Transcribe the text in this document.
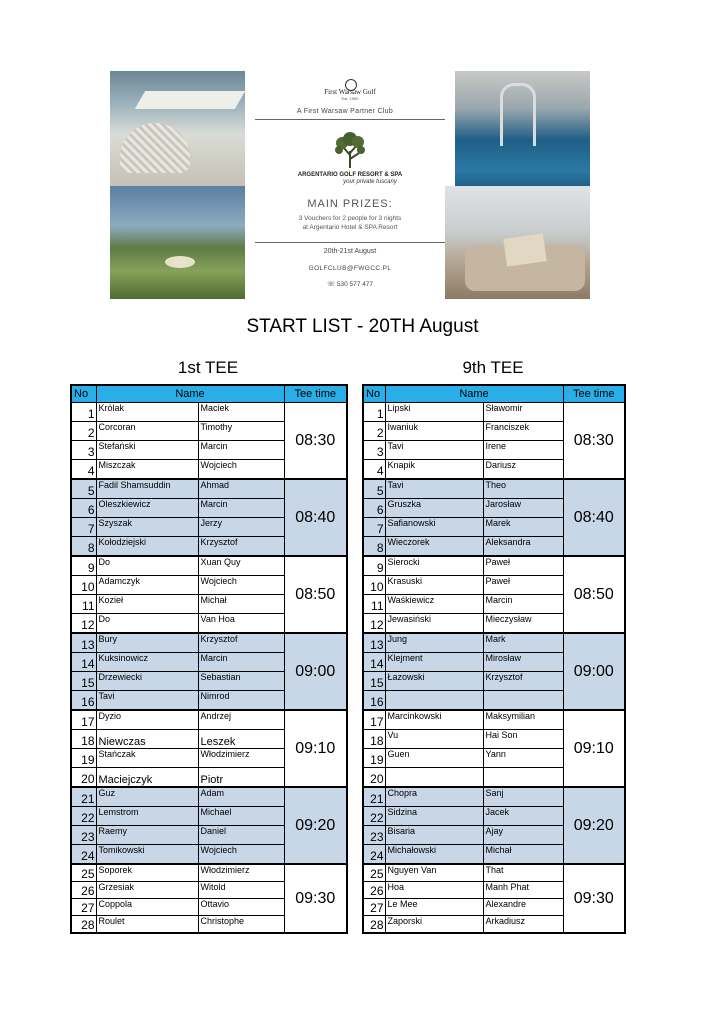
First Warsaw Golf
Est. 1990
A First Warsaw Partner Club
ARGENTARIO GOLF RESORT & SPA
your private tuscany
MAIN PRIZES:
3 Vouchers for 2 people for 3 nights
at Argentario Hotel & SPA Resort
20th-21st August
GOLFCLUB@FWGCC.PL
☏ 530 577 477
START LIST - 20TH August
1st TEE	9th TEE
No	Name		Tee time
1	Królak	Maciek	08:30
2	Corcoran	Timothy	
3	Stefański	Marcin	
4	Miszczak	Wojciech	
5	Fadil Shamsuddin	Ahmad	08:40
6	Oleszkiewicz	Marcin	
7	Szyszak	Jerzy	
8	Kołodziejski	Krzysztof	
9	Do	Xuan Quy	08:50
10	Adamczyk	Wojciech	
11	Kozieł	Michał	
12	Do	Van Hoa	
13	Bury	Krzysztof	09:00
14	Kuksinowicz	Marcin	
15	Drzewiecki	Sebastian	
16	Tavi	Nimrod	
17	Dyzio	Andrzej	09:10
18	Niewczas	Leszek	
19	Stańczak	Włodzimierz	
20	Maciejczyk	Piotr	
21	Guz	Adam	09:20
22	Lemstrom	Michael	
23	Raemy	Daniel	
24	Tomikowski	Wojciech	
25	Soporek	Włodzimierz	09:30
26	Grzesiak	Witold	
27	Coppola	Ottavio	
28	Roulet	Christophe	
No	Name		Tee time
1	Lipski	Sławomir	08:30
2	Iwaniuk	Franciszek	
3	Tavi	Irene	
4	Knapik	Dariusz	
5	Tavi	Theo	08:40
6	Gruszka	Jarosław	
7	Safianowski	Marek	
8	Wieczorek	Aleksandra	
9	Sierocki	Paweł	08:50
10	Krasuski	Paweł	
11	Waśkiewicz	Marcin	
12	Jewasiński	Mieczysław	
13	Jung	Mark	09:00
14	Klejment	Mirosław	
15	Łazowski	Krzysztof	
16			
17	Marcinkowski	Maksymilian	09:10
18	Vu	Hai Son	
19	Guen	Yann	
20			
21	Chopra	Sanj	09:20
22	Sidzina	Jacek	
23	Bisaria	Ajay	
24	Michałowski	Michał	
25	Nguyen Van	That	09:30
26	Hoa	Manh Phat	
27	Le Mee	Alexandre	
28	Zaporski	Arkadiusz	
